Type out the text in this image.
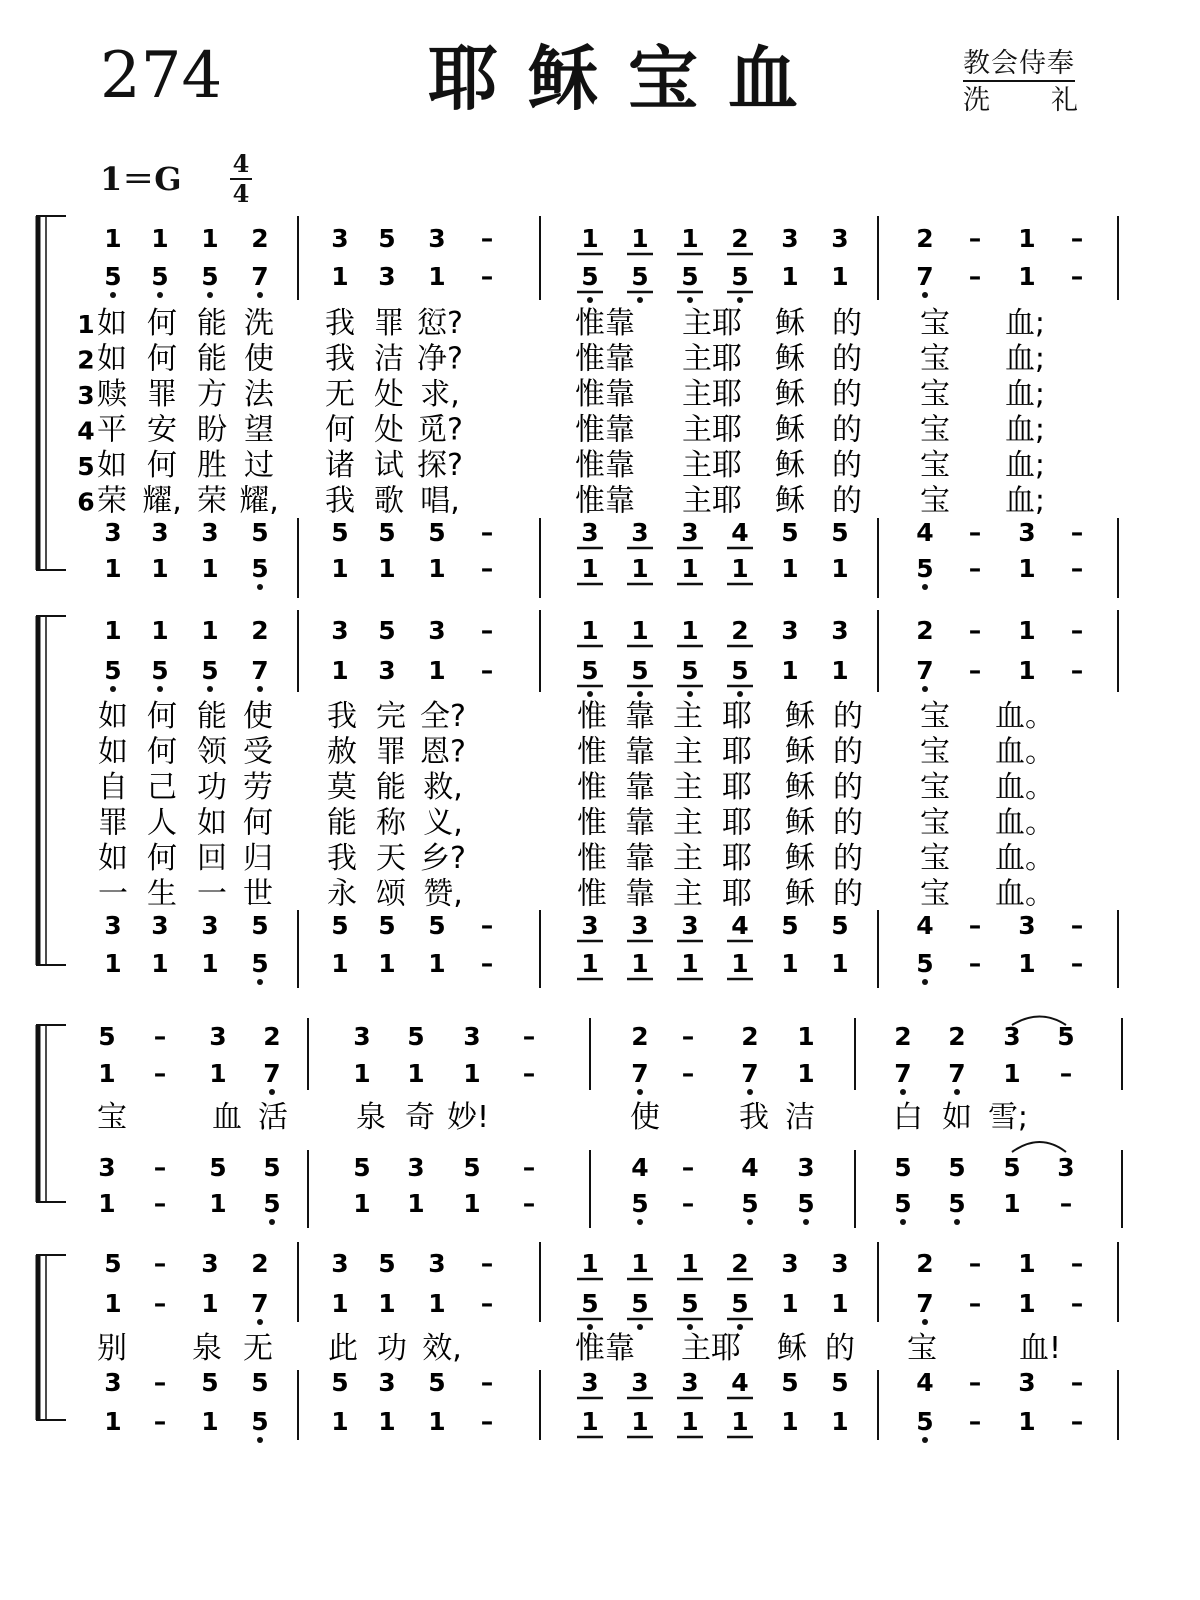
274	耶稣宝血	教会侍奉
洗 礼
1＝G 4
4
1 1 1 2	3 5 3 –	1 1 1 2 3 3	2 – 1 –
5 5 5 7	1 3 1 –	5 5 5 5 1 1	7 – 1 –
3 3 3 5	5 5 5 –	3 3 3 4 5 5	4 – 3 –
1 1 1 5	1 1 1 –	1 1 1 1 1 1	5 – 1 –
1
2
3
4
5
6
如 何 能 洗 我 罪 愆?	惟靠 主耶 稣 的 宝 血;
如 何 能 使 我 洁 净?	惟靠 主耶 稣 的 宝 血;
赎 罪 方 法 无 处 求,	惟靠 主耶 稣 的 宝 血;
平 安 盼 望 何 处 觅?	惟靠 主耶 稣 的 宝 血;
如 何 胜 过 诸 试 探?	惟靠 主耶 稣 的 宝 血;
荣 耀, 荣 耀, 我 歌 唱,	惟靠 主耶 稣 的 宝 血;
1 1 1 2	3 5 3 –	1 1 1 2 3 3	2 – 1 –
5 5 5 7	1 3 1 –	5 5 5 5 1 1	7 – 1 –
3 3 3 5	5 5 5 –	3 3 3 4 5 5	4 – 3 –
1 1 1 5	1 1 1 –	1 1 1 1 1 1	5 – 1 –
如 何 能 使 我 完 全?	惟 靠 主 耶 稣 的 宝 血。
如 何 领 受 赦 罪 恩?	惟 靠 主 耶 稣 的 宝 血。
自 己 功 劳 莫 能 救,	惟 靠 主 耶 稣 的 宝 血。
罪 人 如 何 能 称 义,	惟 靠 主 耶 稣 的 宝 血。
如 何 回 归 我 天 乡?	惟 靠 主 耶 稣 的 宝 血。
一 生 一 世 永 颂 赞,	惟 靠 主 耶 稣 的 宝 血。
5 – 3 2	3 5 3 –	2 – 2 1	2 2 3 5
1 – 1 7	1 1 1 –	7 – 7 1	7 7 1 –
3 – 5 5	5 3 5 –	4 – 4 3	5 5 5 3
1 – 1 5	1 1 1 –	5 – 5 5	5 5 1 –
宝	血 活 泉 奇 妙!	使	我 洁	白 如 雪;
5 – 3 2	3 5 3 –	1 1 1 2 3 3	2 – 1 –
1 – 1 7	1 1 1 –	5 5 5 5 1 1	7 – 1 –
3 – 5 5	5 3 5 –	3 3 3 4 5 5	4 – 3 –
1 – 1 5	1 1 1 –	1 1 1 1 1 1	5 – 1 –
别 泉 无 此 功 效,	惟靠 主耶 稣 的 宝	血!
